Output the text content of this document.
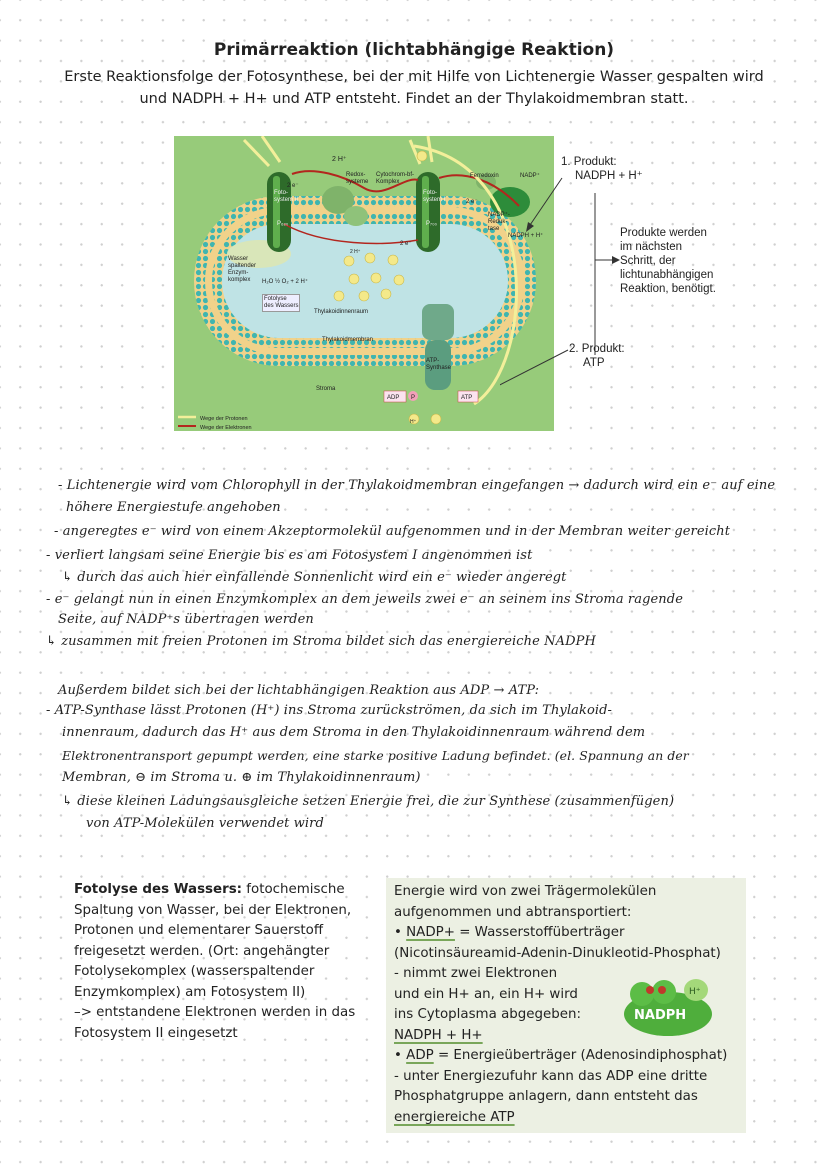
Primärreaktion (lichtabhängige Reaktion)
Erste Reaktionsfolge der Fotosynthese, bei der mit Hilfe von Lichtenergie Wasser gespalten wird und NADPH + H+ und ATP entsteht. Findet an der Thylakoidmembran statt.
2 H⁺
Redox-
systeme
Cytochrom-bf-
Komplex
Ferredoxin	NADP⁺
NADP⁺-
Reduk-
tase
NADPH + H⁺
Foto-
system II
Foto-
system I
P₆₈₀	P₇₀₀
2 e⁻
2 e⁻
2 e⁻
Wasser
spaltender
Enzym-
komplex	H₂O ½ O₂ + 2 H⁺
Fotolyse
des Wassers
Thylakoidinnenraum
Thylakoidmembran
ATP-
Synthase
Stroma
ADP P	ATP
H⁺
2 H⁺
Wege der Protonen
Wege der Elektronen
1. Produkt:
NADPH + H⁺
Produkte werden
im nächsten
Schritt, der
lichtunabhängigen
Reaktion, benötigt.
2. Produkt:
ATP
- Lichtenergie wird vom Chlorophyll in der Thylakoidmembran eingefangen → dadurch wird ein e⁻ auf eine
höhere Energiestufe angehoben
- angeregtes e⁻ wird von einem Akzeptormolekül aufgenommen und in der Membran weiter gereicht
- verliert langsam seine Energie bis es am Fotosystem I angenommen ist
↳ durch das auch hier einfallende Sonnenlicht wird ein e⁻ wieder angeregt
- e⁻ gelangt nun in einen Enzymkomplex an dem jeweils zwei e⁻ an seinem ins Stroma ragende
Seite, auf NADP⁺s übertragen werden
↳ zusammen mit freien Protonen im Stroma bildet sich das energiereiche NADPH
Außerdem bildet sich bei der lichtabhängigen Reaktion aus ADP → ATP:
- ATP-Synthase lässt Protonen (H⁺) ins Stroma zurückströmen, da sich im Thylakoid-
innenraum, dadurch das H⁺ aus dem Stroma in den Thylakoidinnenraum während dem
Elektronentransport gepumpt werden, eine starke positive Ladung befindet. (el. Spannung an der
Membran, ⊖ im Stroma u. ⊕ im Thylakoidinnenraum)
↳ diese kleinen Ladungsausgleiche setzen Energie frei, die zur Synthese (zusammenfügen)
von ATP-Molekülen verwendet wird
Fotolyse des Wassers: fotochemische Spaltung von Wasser, bei der Elektronen, Protonen und elementarer Sauerstoff freigesetzt werden. (Ort: angehängter Fotolysekomplex (wasserspaltender Enzymkomplex) am Fotosystem II)
–> entstandene Elektronen werden in das Fotosystem II eingesetzt
Energie wird von zwei Trägermolekülen aufgenommen und abtransportiert:
• NADP+ = Wasserstoffüberträger (Nicotinsäureamid-Adenin-Dinukleotid-Phosphat)
- nimmt zwei Elektronen
und ein H+ an, ein H+ wird
ins Cytoplasma abgegeben:
NADPH + H+
• ADP = Energieüberträger (Adenosindiphosphat)
- unter Energiezufuhr kann das ADP eine dritte Phosphatgruppe anlagern, dann entsteht das
energiereiche ATP
NADPH
H⁺
